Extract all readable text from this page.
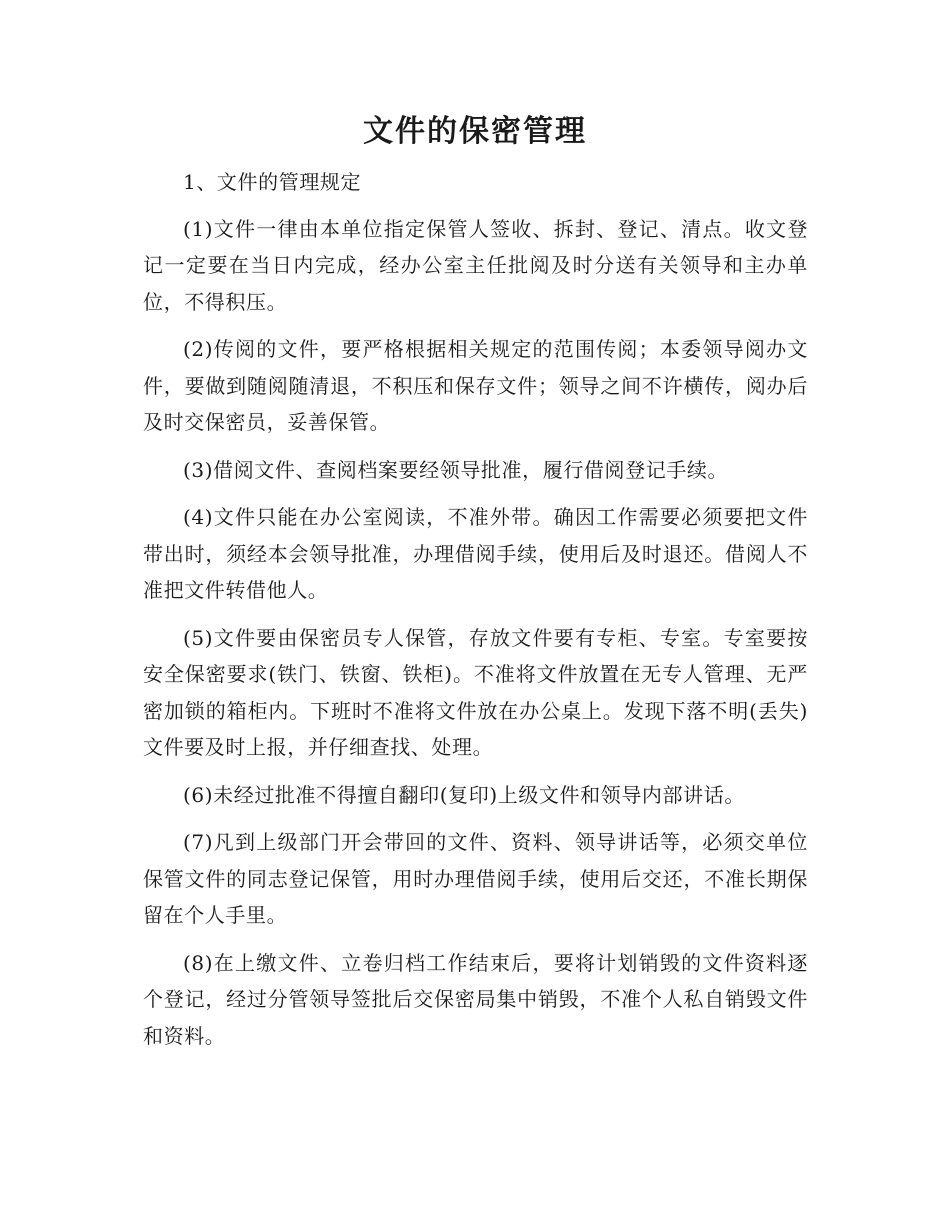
文件的保密管理

1、文件的管理规定

(1)文件一律由本单位指定保管人签收、拆封、登记、清点。收文登记一定要在当日内完成，经办公室主任批阅及时分送有关领导和主办单位，不得积压。

(2)传阅的文件，要严格根据相关规定的范围传阅；本委领导阅办文件，要做到随阅随清退，不积压和保存文件；领导之间不许横传，阅办后及时交保密员，妥善保管。

(3)借阅文件、查阅档案要经领导批准，履行借阅登记手续。

(4)文件只能在办公室阅读，不准外带。确因工作需要必须要把文件带出时，须经本会领导批准，办理借阅手续，使用后及时退还。借阅人不准把文件转借他人。

(5)文件要由保密员专人保管，存放文件要有专柜、专室。专室要按安全保密要求(铁门、铁窗、铁柜)。不准将文件放置在无专人管理、无严密加锁的箱柜内。下班时不准将文件放在办公桌上。发现下落不明(丢失)文件要及时上报，并仔细查找、处理。

(6)未经过批准不得擅自翻印(复印)上级文件和领导内部讲话。

(7)凡到上级部门开会带回的文件、资料、领导讲话等，必须交单位保管文件的同志登记保管，用时办理借阅手续，使用后交还，不准长期保留在个人手里。

(8)在上缴文件、立卷归档工作结束后，要将计划销毁的文件资料逐个登记，经过分管领导签批后交保密局集中销毁，不准个人私自销毁文件和资料。
